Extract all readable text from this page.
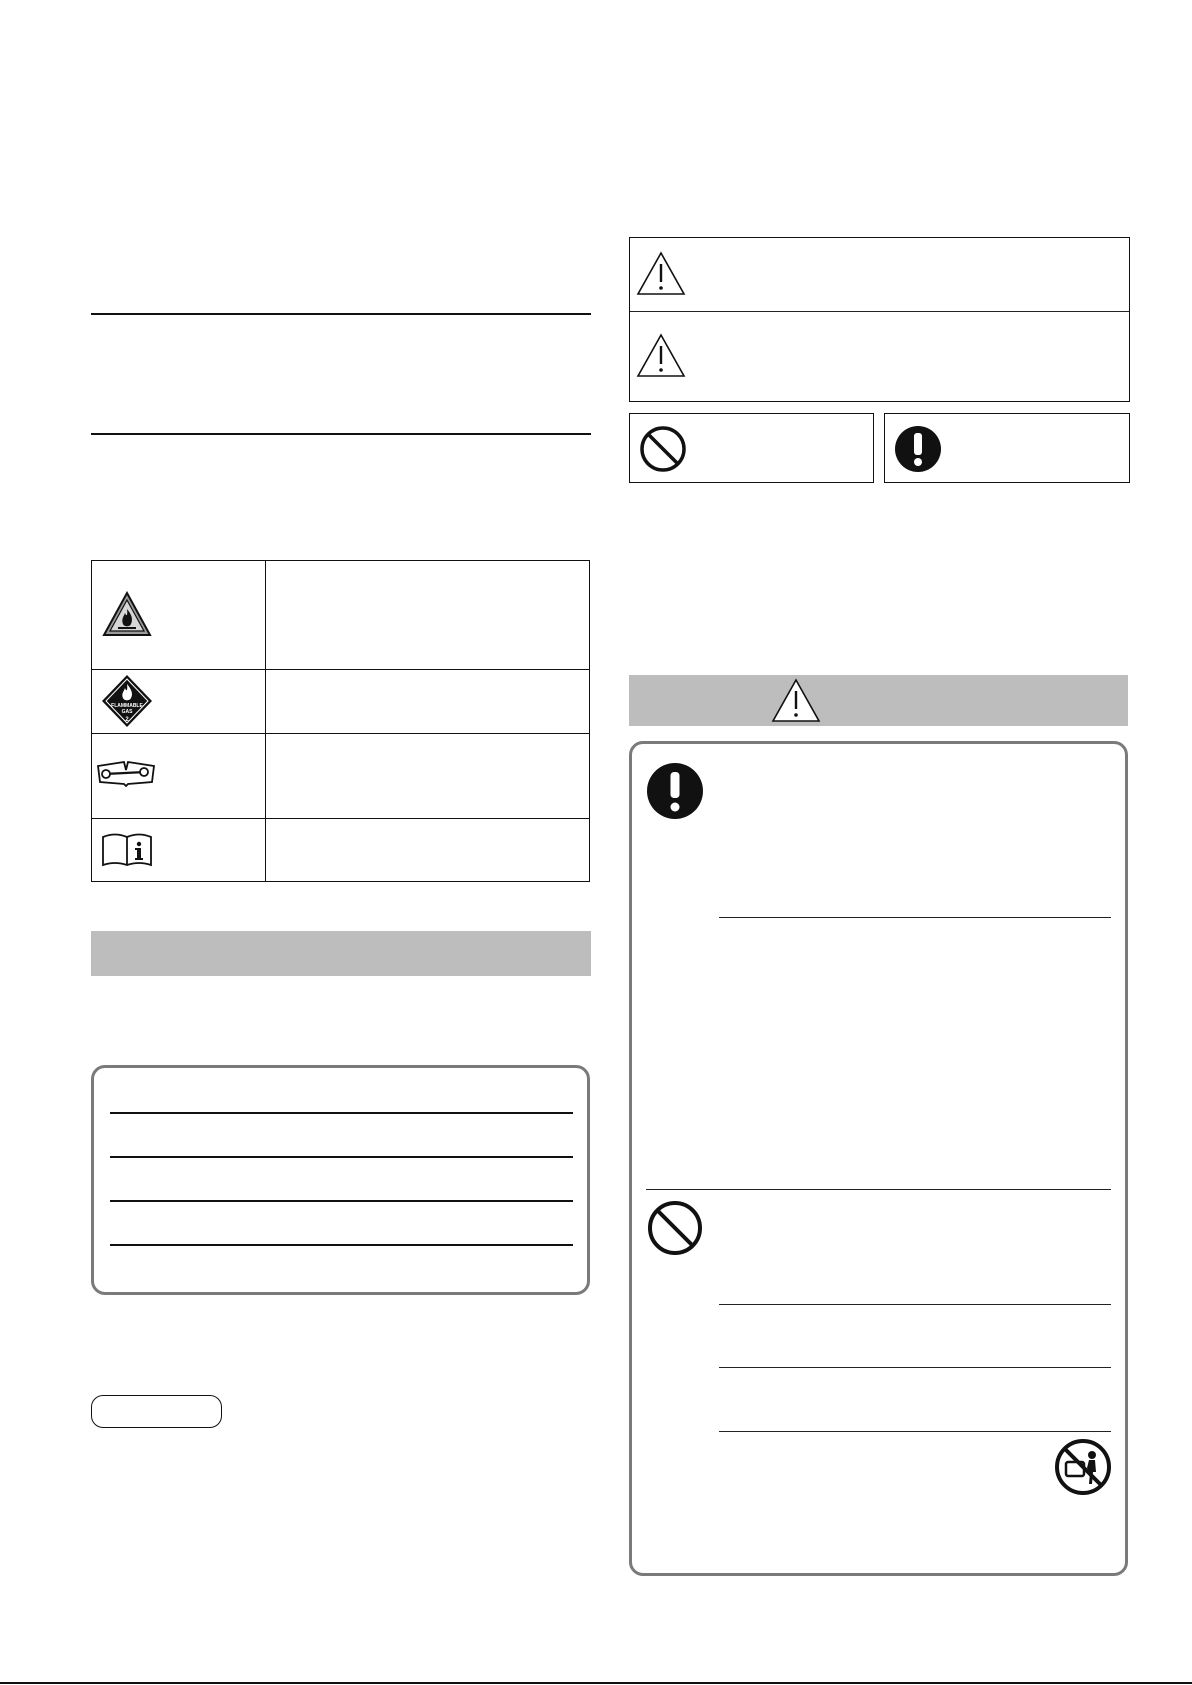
FLAMMABLE
GAS
2
